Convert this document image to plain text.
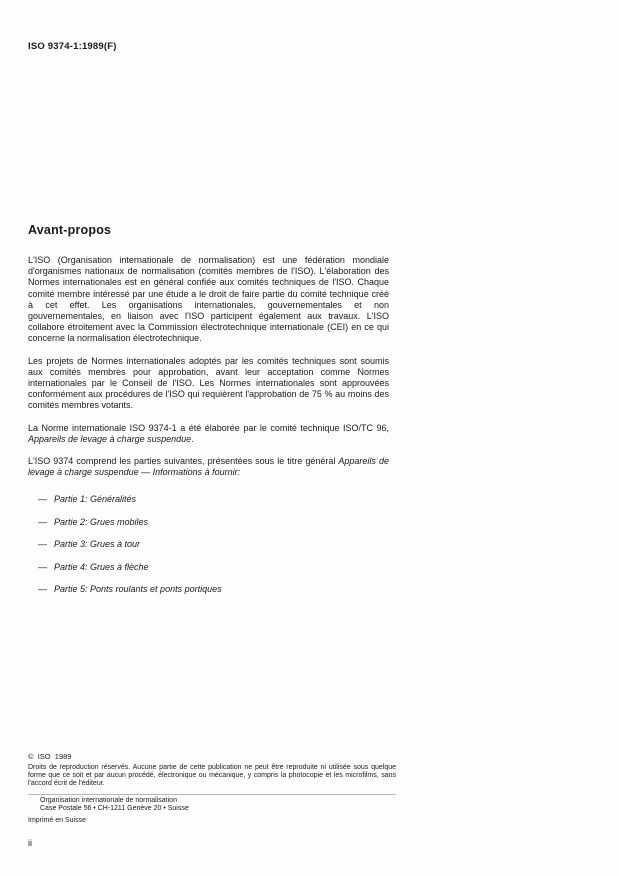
ISO 9374-1:1989(F)
Avant-propos

L'ISO (Organisation internationale de normalisation) est une fédération mondiale d'organismes nationaux de normalisation (comités membres de l'ISO). L'élaboration des Normes internationales est en général confiée aux comités techniques de l'ISO. Chaque comité membre intéressé par une étude a le droit de faire partie du comité technique créé à cet effet. Les organisations internationales, gouvernementales et non gouvernementales, en liaison avec l'ISO participent également aux travaux. L'ISO collabore étroitement avec la Commission électrotechnique internationale (CEI) en ce qui concerne la normalisation électrotechnique.

Les projets de Normes internationales adoptés par les comités techniques sont soumis aux comités membres pour approbation, avant leur acceptation comme Normes internationales par le Conseil de l'ISO. Les Normes internationales sont approuvées conformément aux procédures de l'ISO qui requièrent l'approbation de 75 % au moins des comités membres votants.

La Norme internationale ISO 9374-1 a été élaborée par le comité technique ISO/TC 96, Appareils de levage à charge suspendue.

L'ISO 9374 comprend les parties suivantes, présentées sous le titre général Appareils de levage à charge suspendue — Informations à fournir:

— Partie 1: Généralités
— Partie 2: Grues mobiles
— Partie 3: Grues à tour
— Partie 4: Grues à flèche
— Partie 5: Ponts roulants et ponts portiques
©  ISO  1989
Droits de reproduction réservés. Aucune partie de cette publication ne peut être reproduite ni utilisée sous quelque forme que ce soit et par aucun procédé, électronique ou mécanique, y compris la photocopie et les microfilms, sans l'accord écrit de l'éditeur.
Organisation internationale de normalisation
Case Postale 56 • CH-1211 Genève 20 • Suisse
Imprimé en Suisse
ii
